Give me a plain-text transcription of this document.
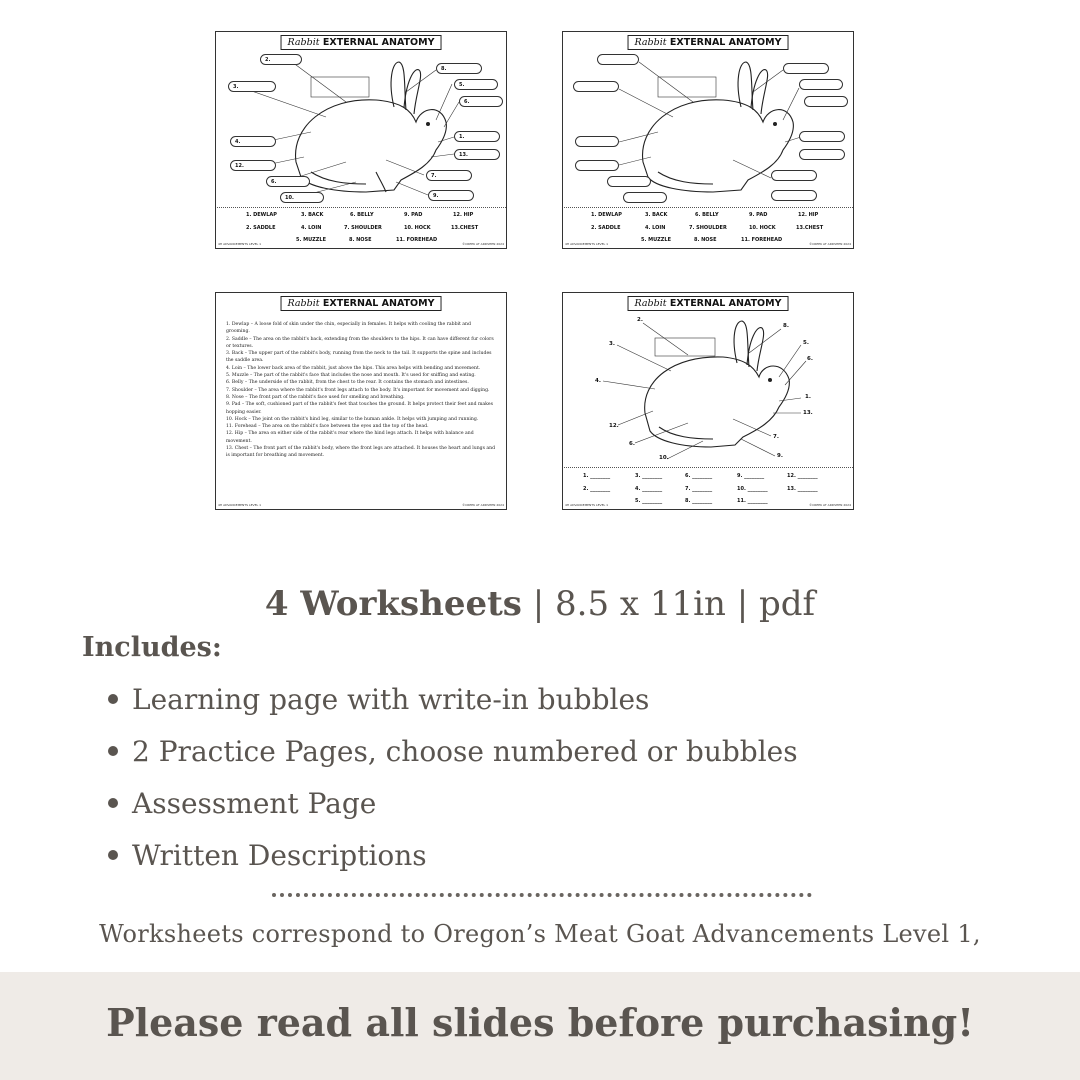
Rabbit EXTERNAL ANATOMY
2.
3.
4.
12.
6.
10.
8.
5.
6.
1.
13.
7.
9.
1. DEWLAP	3. BACK	6. BELLY	9. PAD	12. HIP
2. SADDLE	4. LOIN	7. SHOULDER	10. HOCK	13.CHEST
5. MUZZLE	8. NOSE	11. FOREHEAD
4H ADVANCEMENTS LEVEL 1	©CREEK AT ARDSHEN 2024
Rabbit EXTERNAL ANATOMY
1. DEWLAP	3. BACK	6. BELLY	9. PAD	12. HIP
2. SADDLE	4. LOIN	7. SHOULDER	10. HOCK	13.CHEST
5. MUZZLE	8. NOSE	11. FOREHEAD
4H ADVANCEMENTS LEVEL 1	©CREEK AT ARDSHEN 2024
Rabbit EXTERNAL ANATOMY

1. Dewlap – A loose fold of skin under the chin, especially in females. It helps with cooling the rabbit and grooming.

2. Saddle – The area on the rabbit's back, extending from the shoulders to the hips. It can have different fur colors or textures.

3. Back – The upper part of the rabbit's body, running from the neck to the tail. It supports the spine and includes the saddle area.

4. Loin – The lower back area of the rabbit, just above the hips. This area helps with bending and movement.

5. Muzzle – The part of the rabbit's face that includes the nose and mouth. It's used for sniffing and eating.

6. Belly – The underside of the rabbit, from the chest to the rear. It contains the stomach and intestines.

7. Shoulder – The area where the rabbit's front legs attach to the body. It's important for movement and digging.

8. Nose – The front part of the rabbit's face used for smelling and breathing.

9. Pad – The soft, cushioned part of the rabbit's feet that touches the ground. It helps protect their feet and makes hopping easier.

10. Hock – The joint on the rabbit's hind leg, similar to the human ankle. It helps with jumping and running.

11. Forehead – The area on the rabbit's face between the eyes and the top of the head.

12. Hip – The area on either side of the rabbit's rear where the hind legs attach. It helps with balance and movement.

13. Chest – The front part of the rabbit's body, where the front legs are attached. It houses the heart and lungs and is important for breathing and movement.

4H ADVANCEMENTS LEVEL 1	©CREEK AT ARDSHEN 2024
Rabbit EXTERNAL ANATOMY
2.
3.
4.
12.
6.
10.
8.
5.
6.
1.
13.
7.
9.
1. ________	3. ________	6. ________	9. ________	12. ________
2. ________	4. ________	7. ________	10. ________	13. ________
5. ________	8. ________	11. ________
4H ADVANCEMENTS LEVEL 1	©CREEK AT ARDSHEN 2024
4 Worksheets | 8.5 x 11in | pdf
Includes:
Learning page with write-in bubbles
2 Practice Pages, choose numbered or bubbles
Assessment Page
Written Descriptions
Worksheets correspond to Oregon’s Meat Goat Advancements Level 1,
Please read all slides before purchasing!
